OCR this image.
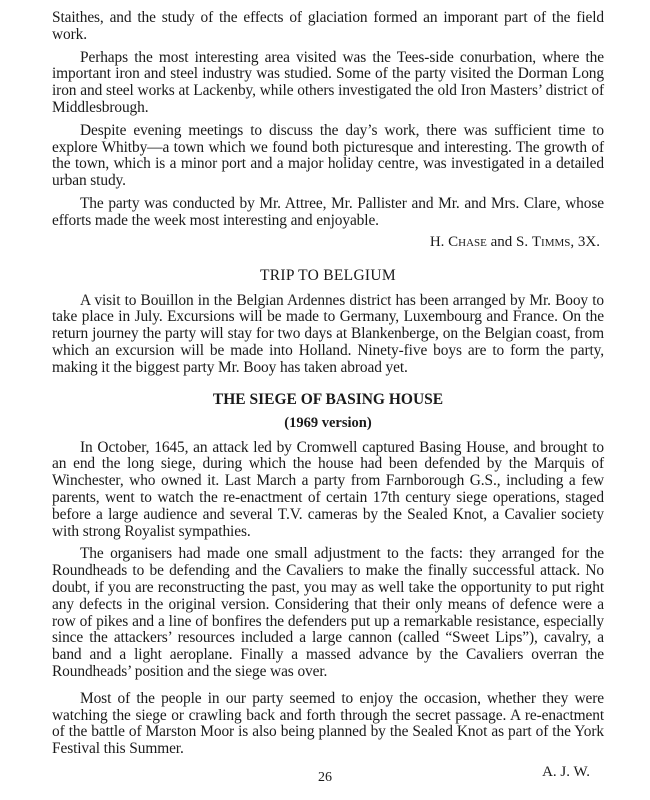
Staithes, and the study of the effects of glaciation formed an imporant part of the field work.

Perhaps the most interesting area visited was the Tees-side conurbation, where the important iron and steel industry was studied. Some of the party visited the Dorman Long iron and steel works at Lackenby, while others investigated the old Iron Masters’ district of Middlesbrough.

Despite evening meetings to discuss the day’s work, there was sufficient time to explore Whitby—a town which we found both picturesque and interesting. The growth of the town, which is a minor port and a major holiday centre, was investigated in a detailed urban study.

The party was conducted by Mr. Attree, Mr. Pallister and Mr. and Mrs. Clare, whose efforts made the week most interesting and enjoyable.

H. Chase and S. Timms, 3X.
TRIP TO BELGIUM

A visit to Bouillon in the Belgian Ardennes district has been arranged by Mr. Booy to take place in July. Excursions will be made to Germany, Luxembourg and France. On the return journey the party will stay for two days at Blankenberge, on the Belgian coast, from which an excursion will be made into Holland. Ninety-five boys are to form the party, making it the biggest party Mr. Booy has taken abroad yet.

THE SIEGE OF BASING HOUSE
(1969 version)

In October, 1645, an attack led by Cromwell captured Basing House, and brought to an end the long siege, during which the house had been defended by the Marquis of Winchester, who owned it. Last March a party from Farnborough G.S., including a few parents, went to watch the re-enactment of certain 17th century siege operations, staged before a large audience and several T.V. cameras by the Sealed Knot, a Cavalier society with strong Royalist sympathies.

The organisers had made one small adjustment to the facts: they arranged for the Roundheads to be defending and the Cavaliers to make the finally successful attack. No doubt, if you are reconstructing the past, you may as well take the opportunity to put right any defects in the original version. Considering that their only means of defence were a row of pikes and a line of bonfires the defenders put up a remarkable resistance, especially since the attackers’ resources included a large cannon (called “Sweet Lips”), cavalry, a band and a light aeroplane. Finally a massed advance by the Cavaliers overran the Roundheads’ position and the siege was over.

Most of the people in our party seemed to enjoy the occasion, whether they were watching the siege or crawling back and forth through the secret passage. A re-enactment of the battle of Marston Moor is also being planned by the Sealed Knot as part of the York Festival this Summer.

A. J. W.
26
